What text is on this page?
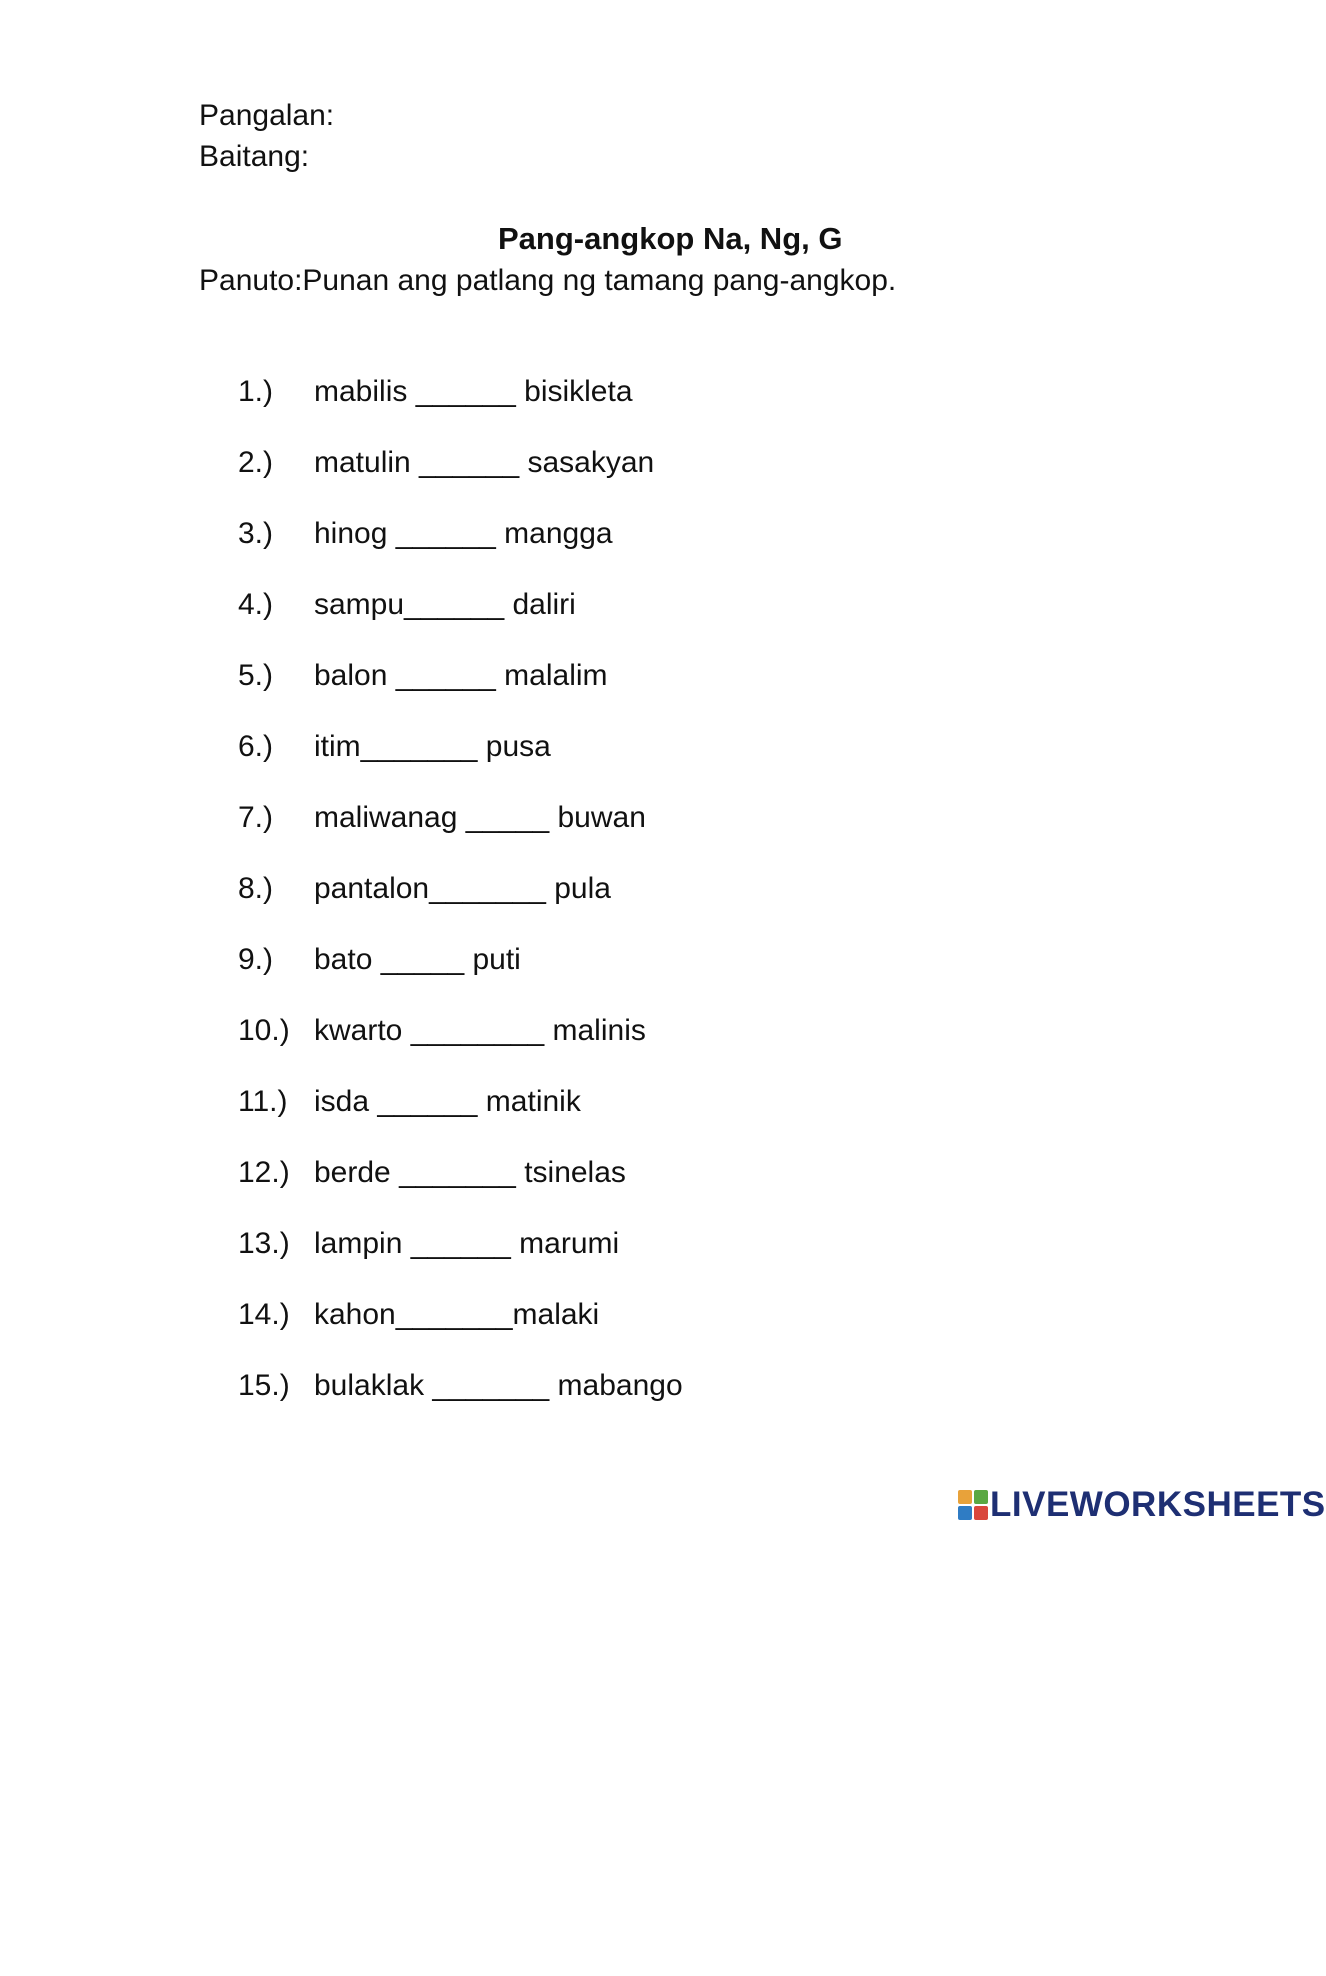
Pangalan:
Baitang:
Pang-angkop Na, Ng, G
Panuto:Punan ang patlang ng tamang pang-angkop.
1.)	mabilis ______ bisikleta
2.)	matulin ______ sasakyan
3.)	hinog ______ mangga
4.)	sampu______ daliri
5.)	balon ______ malalim
6.)	itim_______ pusa
7.)	maliwanag _____ buwan
8.)	pantalon_______ pula
9.)	bato _____ puti
10.) kwarto ________ malinis
11.) isda ______ matinik
12.) berde _______ tsinelas
13.) lampin ______ marumi
14.) kahon_______malaki
15.) bulaklak _______ mabango
LIVEWORKSHEETS
